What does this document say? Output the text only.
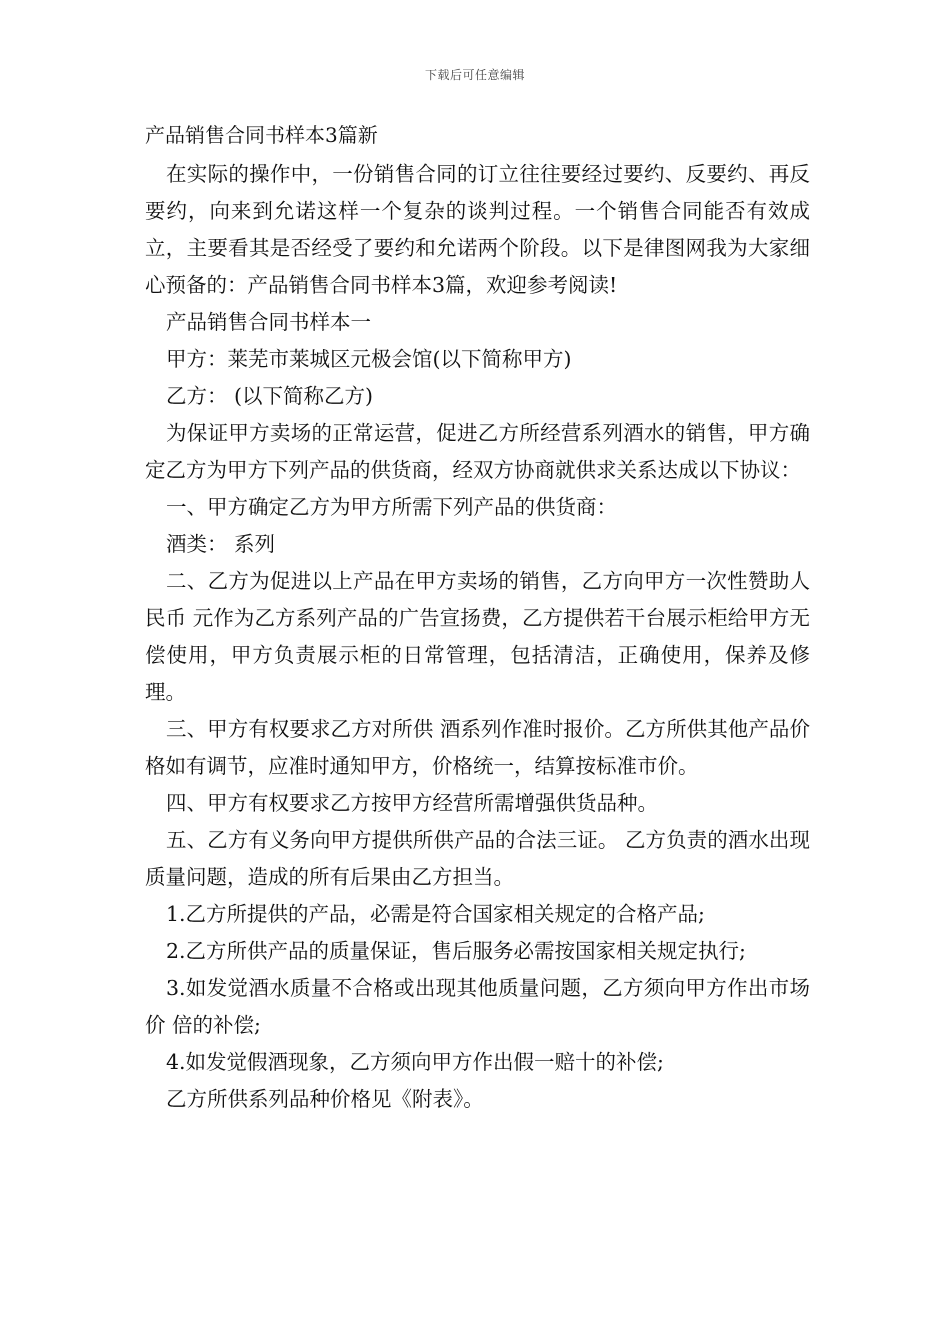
下载后可任意编辑
产品销售合同书样本3篇新

在实际的操作中，一份销售合同的订立往往要经过要约、反要约、再反要约，向来到允诺这样一个复杂的谈判过程。一个销售合同能否有效成立，主要看其是否经受了要约和允诺两个阶段。以下是律图网我为大家细心预备的：产品销售合同书样本3篇，欢迎参考阅读!

产品销售合同书样本一

甲方：莱芜市莱城区元极会馆(以下简称甲方)

乙方： (以下简称乙方)

为保证甲方卖场的正常运营，促进乙方所经营系列酒水的销售，甲方确定乙方为甲方下列产品的供货商，经双方协商就供求关系达成以下协议：

一、甲方确定乙方为甲方所需下列产品的供货商：

酒类： 系列

二、乙方为促进以上产品在甲方卖场的销售，乙方向甲方一次性赞助人民币 元作为乙方系列产品的广告宣扬费，乙方提供若干台展示柜给甲方无偿使用，甲方负责展示柜的日常管理，包括清洁，正确使用，保养及修理。

三、甲方有权要求乙方对所供 酒系列作准时报价。乙方所供其他产品价格如有调节，应准时通知甲方，价格统一，结算按标准市价。

四、甲方有权要求乙方按甲方经营所需增强供货品种。

五、乙方有义务向甲方提供所供产品的合法三证。 乙方负责的酒水出现质量问题，造成的所有后果由乙方担当。

1.乙方所提供的产品，必需是符合国家相关规定的合格产品;

2.乙方所供产品的质量保证，售后服务必需按国家相关规定执行;

3.如发觉酒水质量不合格或出现其他质量问题，乙方须向甲方作出市场价 倍的补偿;

4.如发觉假酒现象，乙方须向甲方作出假一赔十的补偿;

乙方所供系列品种价格见《附表》。
